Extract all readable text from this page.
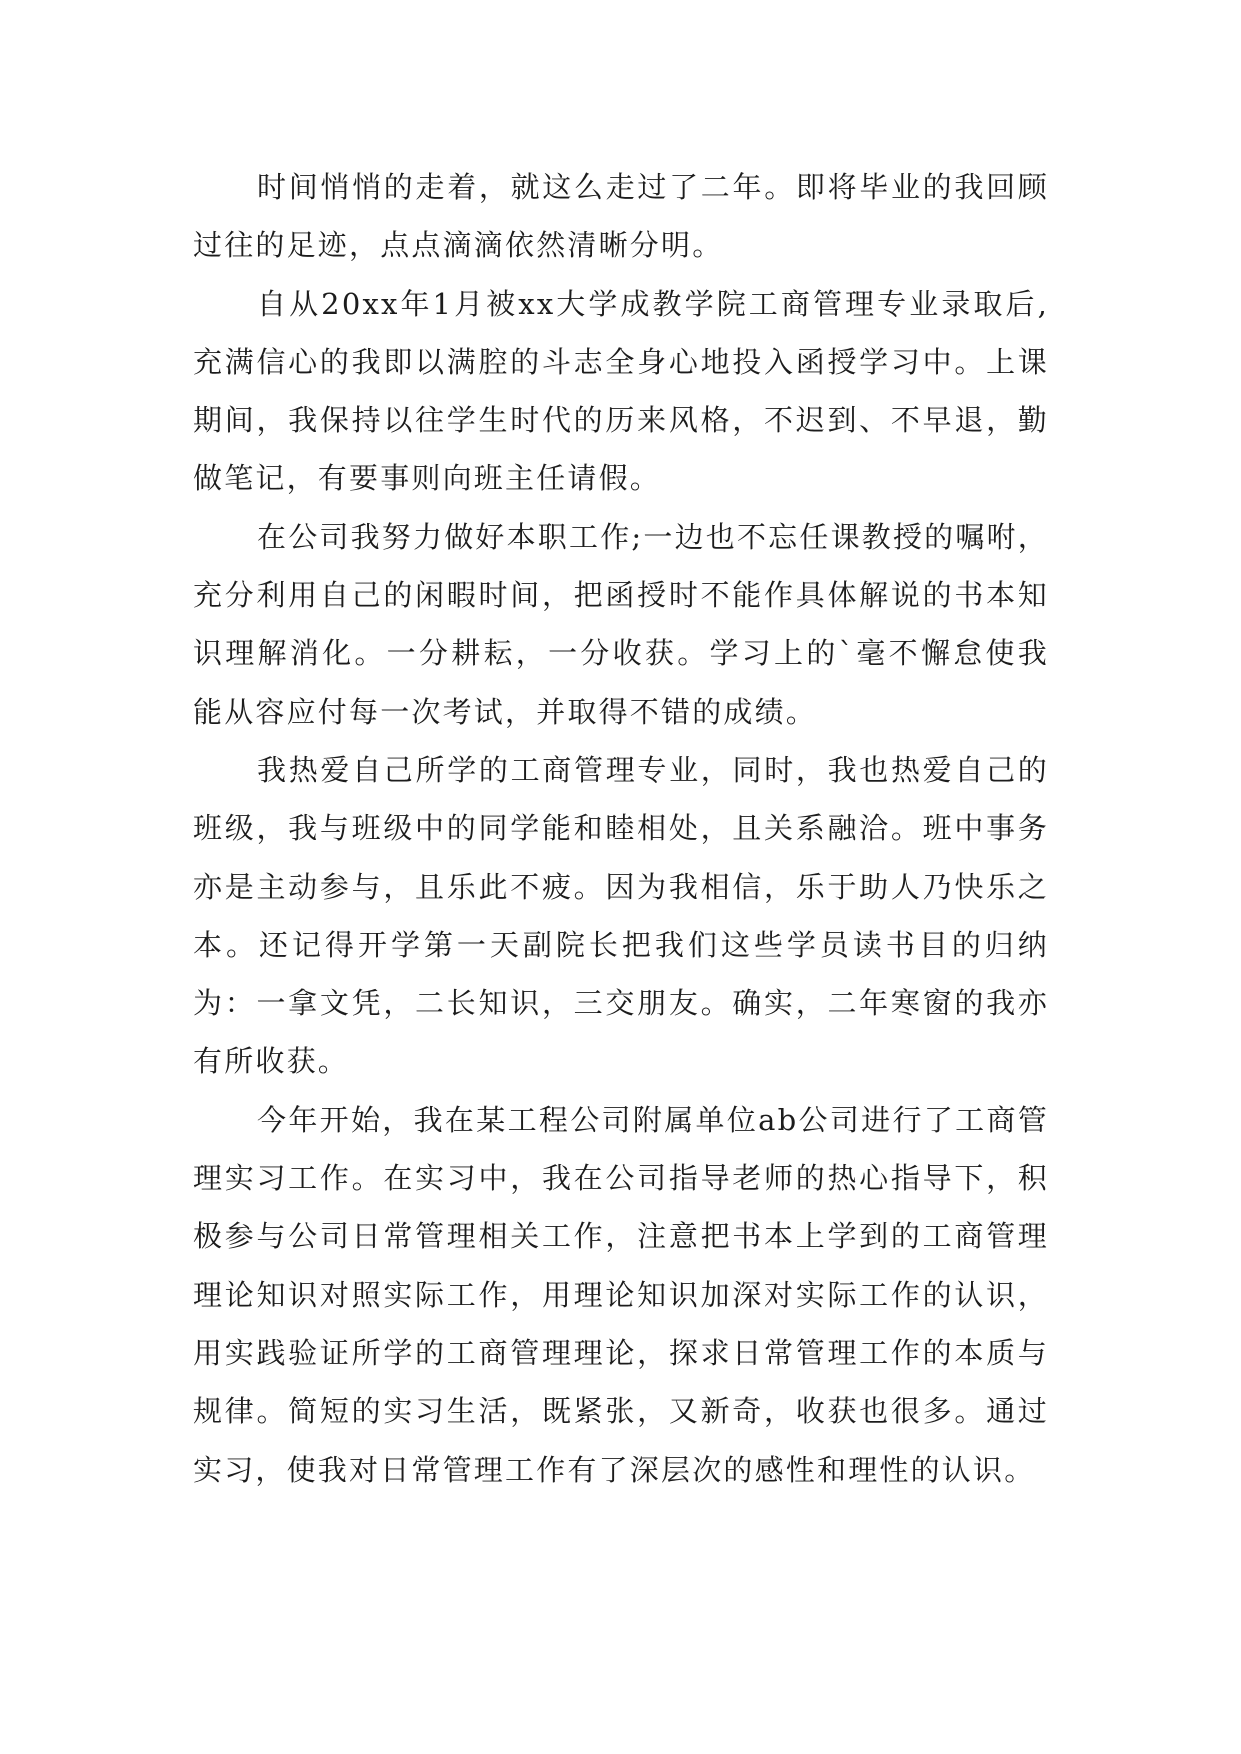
时间悄悄的走着，就这么走过了二年。即将毕业的我回顾过往的足迹，点点滴滴依然清晰分明。

自从20xx年1月被xx大学成教学院工商管理专业录取后,充满信心的我即以满腔的斗志全身心地投入函授学习中。上课期间，我保持以往学生时代的历来风格，不迟到、不早退，勤做笔记，有要事则向班主任请假。

在公司我努力做好本职工作;一边也不忘任课教授的嘱咐，充分利用自己的闲暇时间，把函授时不能作具体解说的书本知识理解消化。一分耕耘，一分收获。学习上的`毫不懈怠使我能从容应付每一次考试，并取得不错的成绩。

我热爱自己所学的工商管理专业，同时，我也热爱自己的班级，我与班级中的同学能和睦相处，且关系融洽。班中事务亦是主动参与，且乐此不疲。因为我相信，乐于助人乃快乐之本。还记得开学第一天副院长把我们这些学员读书目的归纳为：一拿文凭，二长知识，三交朋友。确实，二年寒窗的我亦有所收获。

今年开始，我在某工程公司附属单位ab公司进行了工商管理实习工作。在实习中，我在公司指导老师的热心指导下，积极参与公司日常管理相关工作，注意把书本上学到的工商管理理论知识对照实际工作，用理论知识加深对实际工作的认识，用实践验证所学的工商管理理论，探求日常管理工作的本质与规律。简短的实习生活，既紧张，又新奇，收获也很多。通过实习，使我对日常管理工作有了深层次的感性和理性的认识。
